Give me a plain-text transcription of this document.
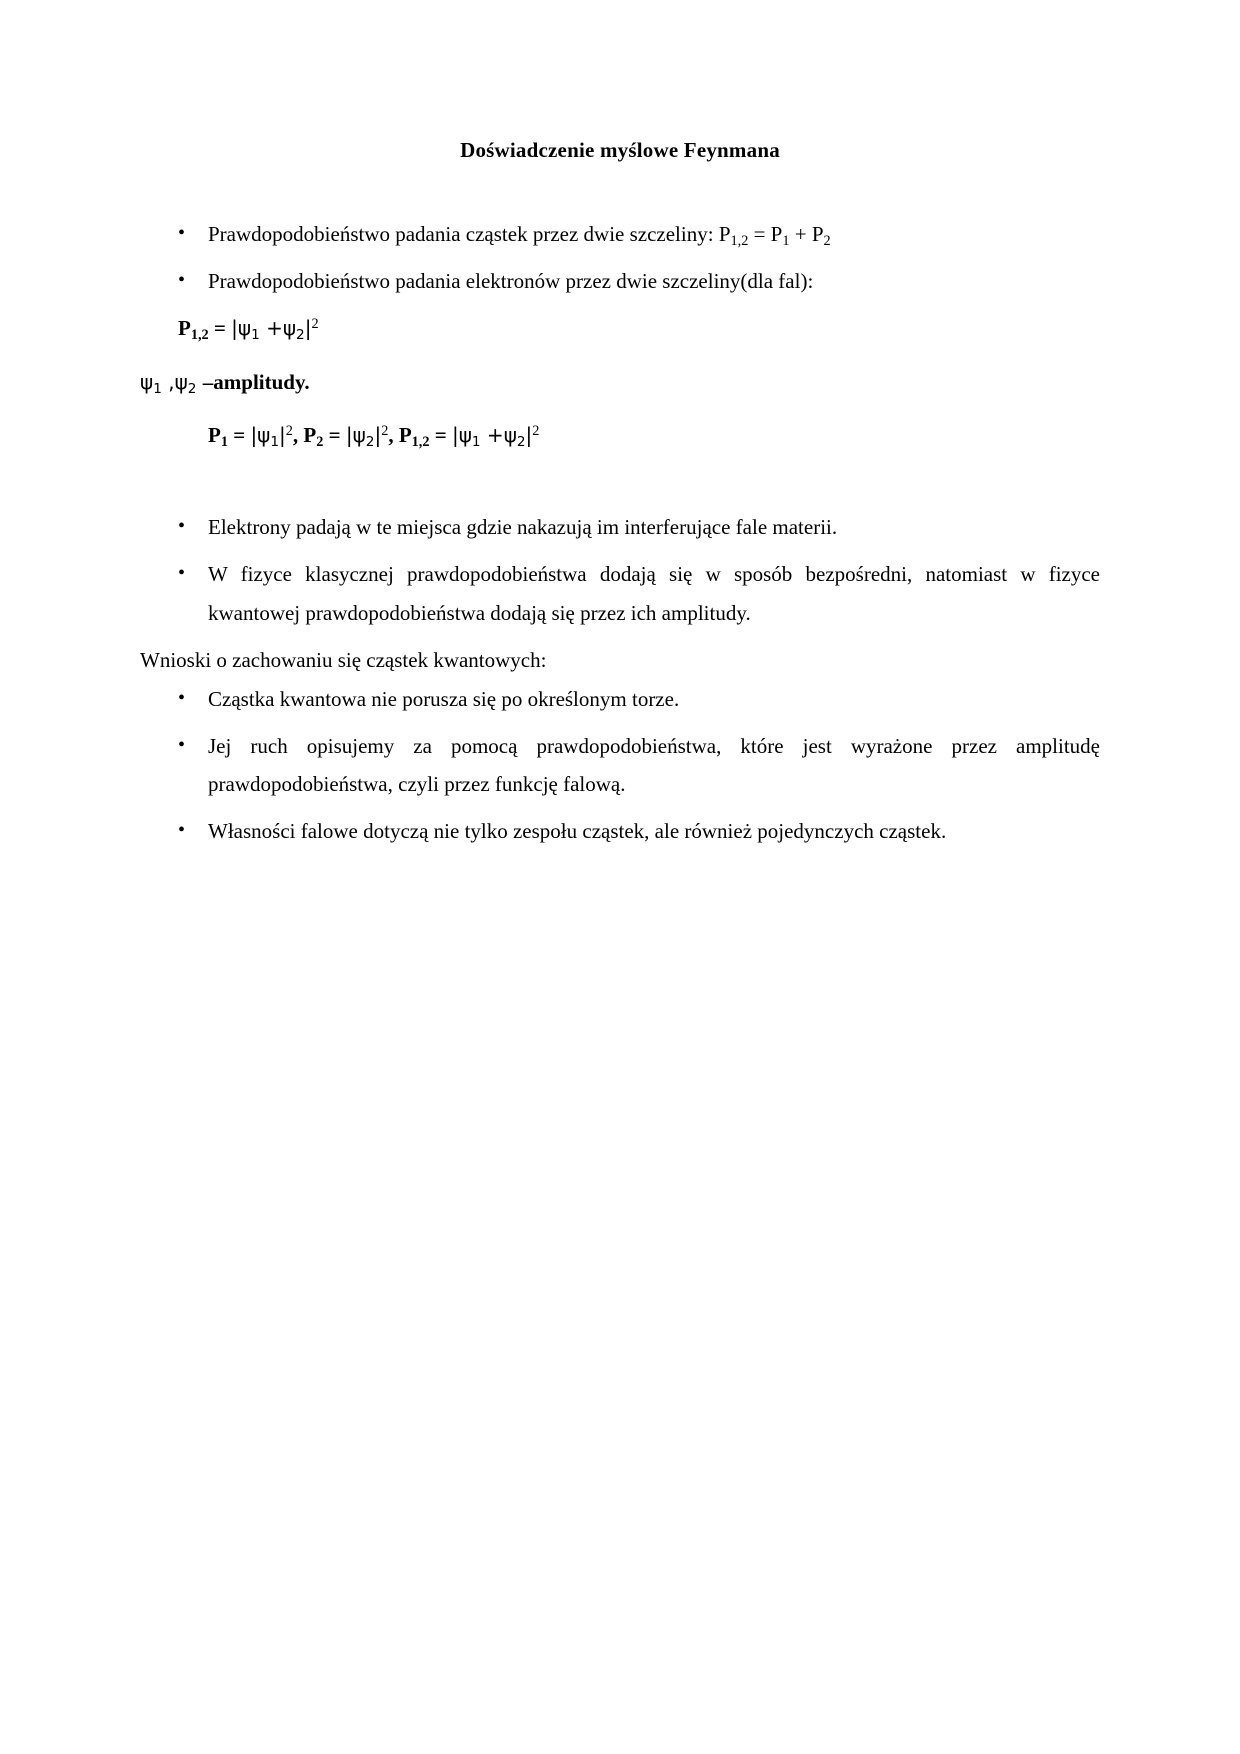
Doświadczenie myślowe Feynmana
• Prawdopodobieństwo padania cząstek przez dwie szczeliny: $P_{1,2} = P_1 + P_2$
• Prawdopodobieństwo padania elektronów przez dwie szczeliny(dla fal):

$P_{1,2} = |\psi_1 +\psi_2|^2$

$\psi_1$ $,\psi_2$ –amplitudy.

$P_1 = |\psi_1|^2$, $P_2 = |\psi_2|^2$, $P_{1,2} = |\psi_1 +\psi_2|^2$

• Elektrony padają w te miejsca gdzie nakazują im interferujące fale materii.
• W fizyce klasycznej prawdopodobieństwa dodają się w sposób bezpośredni, natomiast w fizyce kwantowej prawdopodobieństwa dodają się przez ich amplitudy.

Wnioski o zachowaniu się cząstek kwantowych:

• Cząstka kwantowa nie porusza się po określonym torze.
• Jej ruch opisujemy za pomocą prawdopodobieństwa, które jest wyrażone przez amplitudę prawdopodobieństwa, czyli przez funkcję falową.
• Własności falowe dotyczą nie tylko zespołu cząstek, ale również pojedynczych cząstek.
